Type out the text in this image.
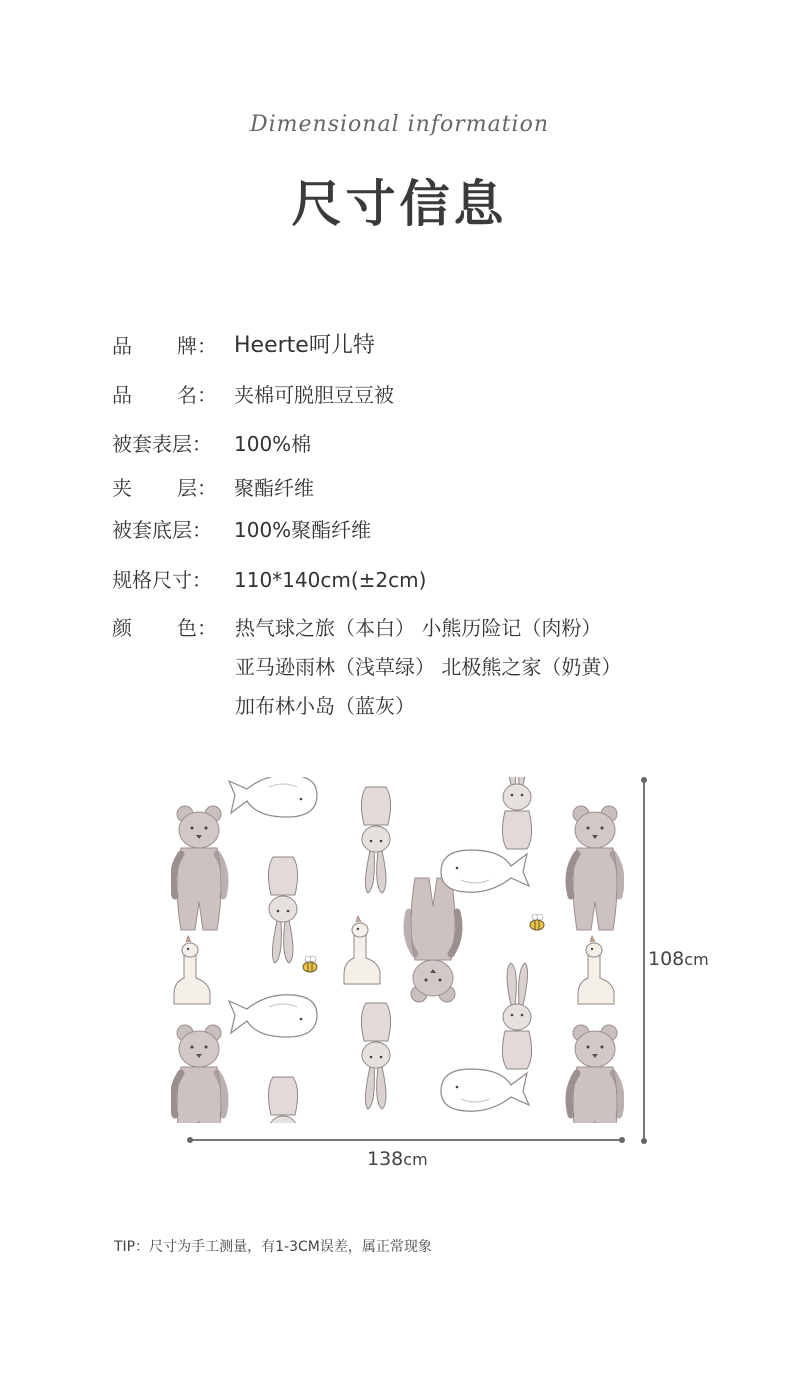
Dimensional information
尺寸信息
品 牌： Heerte呵儿特
品 名： 夹棉可脱胆豆豆被
被套表层： 100%棉
夹 层： 聚酯纤维
被套底层： 100%聚酯纤维
规格尺寸： 110*140cm(±2cm)
颜 色： 热气球之旅（本白） 小熊历险记（肉粉）
亚马逊雨林（浅草绿） 北极熊之家（奶黄）
加布林小岛（蓝灰）
108cm
138cm
TIP：尺寸为手工测量，有1-3CM误差，属正常现象
